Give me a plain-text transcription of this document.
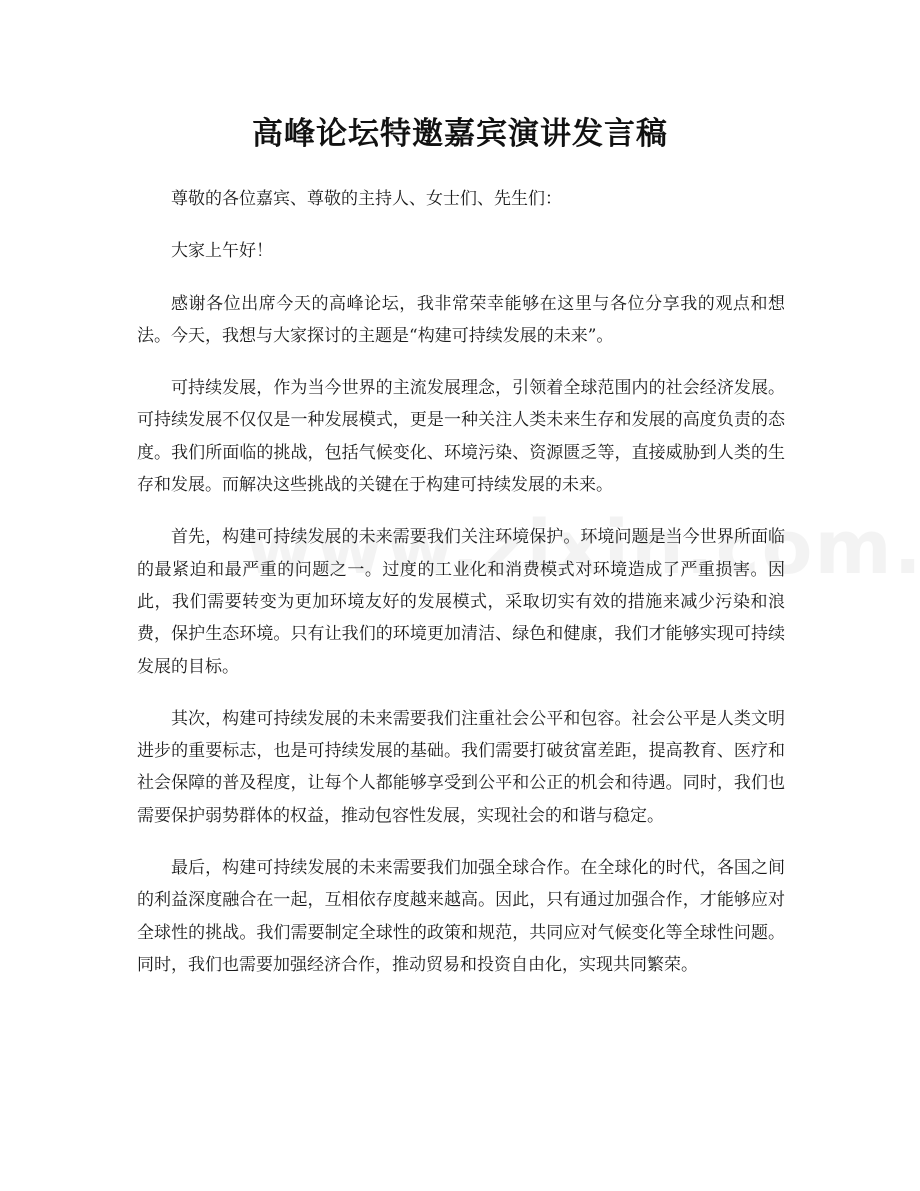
高峰论坛特邀嘉宾演讲发言稿

尊敬的各位嘉宾、尊敬的主持人、女士们、先生们：

大家上午好！

感谢各位出席今天的高峰论坛，我非常荣幸能够在这里与各位分享我的观点和想法。今天，我想与大家探讨的主题是“构建可持续发展的未来”。

可持续发展，作为当今世界的主流发展理念，引领着全球范围内的社会经济发展。可持续发展不仅仅是一种发展模式，更是一种关注人类未来生存和发展的高度负责的态度。我们所面临的挑战，包括气候变化、环境污染、资源匮乏等，直接威胁到人类的生存和发展。而解决这些挑战的关键在于构建可持续发展的未来。

首先，构建可持续发展的未来需要我们关注环境保护。环境问题是当今世界所面临的最紧迫和最严重的问题之一。过度的工业化和消费模式对环境造成了严重损害。因此，我们需要转变为更加环境友好的发展模式，采取切实有效的措施来减少污染和浪费，保护生态环境。只有让我们的环境更加清洁、绿色和健康，我们才能够实现可持续发展的目标。

其次，构建可持续发展的未来需要我们注重社会公平和包容。社会公平是人类文明进步的重要标志，也是可持续发展的基础。我们需要打破贫富差距，提高教育、医疗和社会保障的普及程度，让每个人都能够享受到公平和公正的机会和待遇。同时，我们也需要保护弱势群体的权益，推动包容性发展，实现社会的和谐与稳定。

最后，构建可持续发展的未来需要我们加强全球合作。在全球化的时代，各国之间的利益深度融合在一起，互相依存度越来越高。因此，只有通过加强合作，才能够应对全球性的挑战。我们需要制定全球性的政策和规范，共同应对气候变化等全球性问题。同时，我们也需要加强经济合作，推动贸易和投资自由化，实现共同繁荣。
